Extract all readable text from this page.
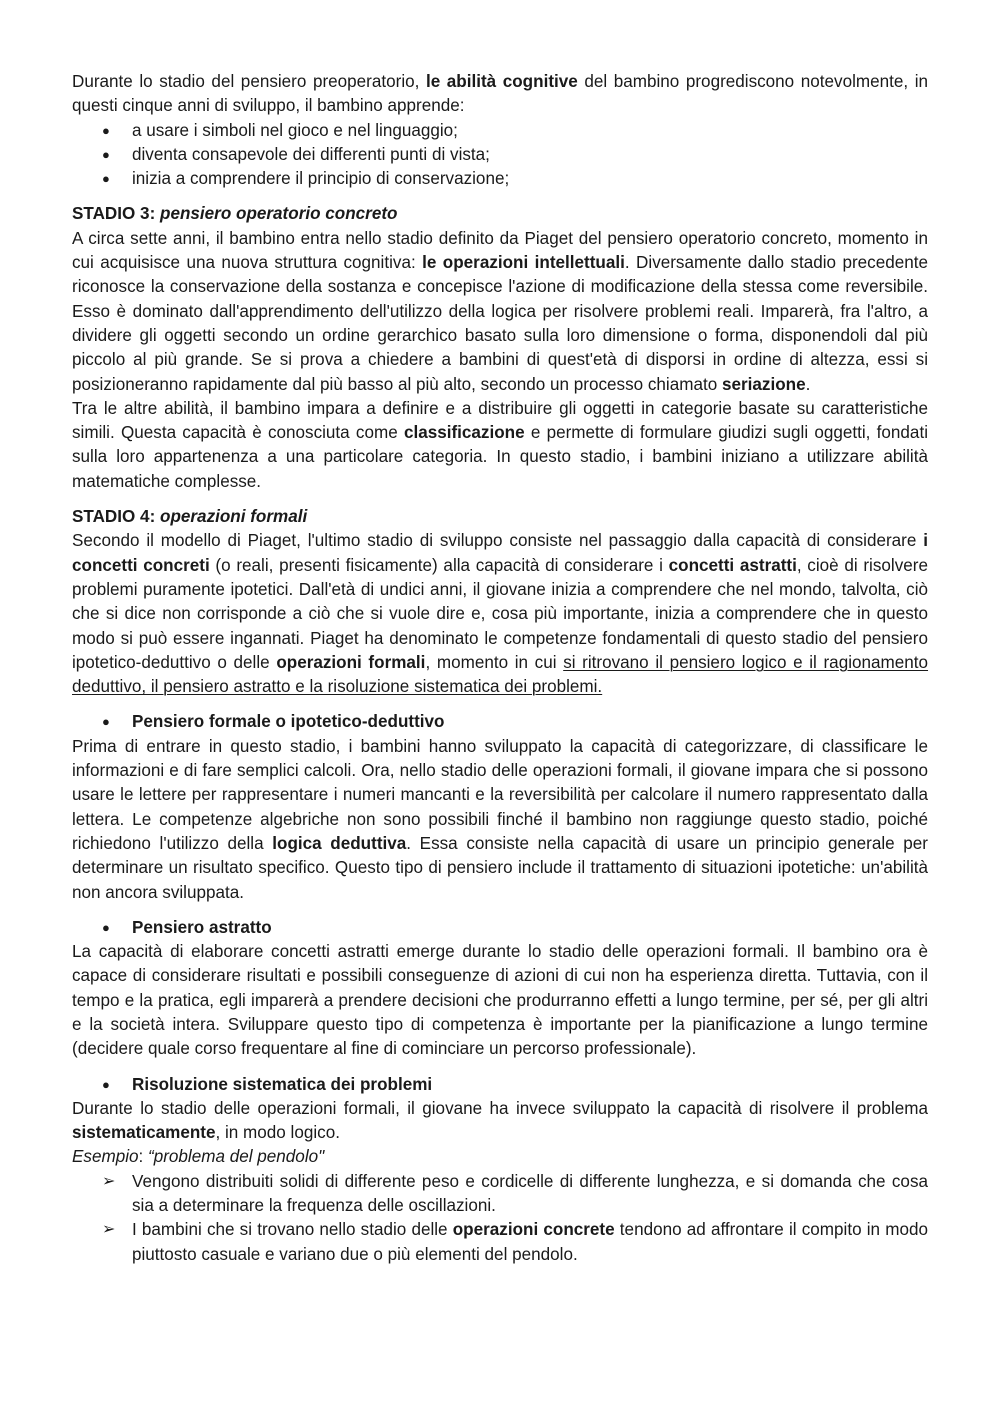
Durante lo stadio del pensiero preoperatorio, le abilità cognitive del bambino progrediscono notevolmente, in questi cinque anni di sviluppo, il bambino apprende:

● a usare i simboli nel gioco e nel linguaggio;
● diventa consapevole dei differenti punti di vista;
● inizia a comprendere il principio di conservazione;

STADIO 3: pensiero operatorio concreto

A circa sette anni, il bambino entra nello stadio definito da Piaget del pensiero operatorio concreto, momento in cui acquisisce una nuova struttura cognitiva: le operazioni intellettuali. Diversamente dallo stadio precedente riconosce la conservazione della sostanza e concepisce l'azione di modificazione della stessa come reversibile. Esso è dominato dall'apprendimento dell'utilizzo della logica per risolvere problemi reali. Imparerà, fra l'altro, a dividere gli oggetti secondo un ordine gerarchico basato sulla loro dimensione o forma, disponendoli dal più piccolo al più grande. Se si prova a chiedere a bambini di quest'età di disporsi in ordine di altezza, essi si posizioneranno rapidamente dal più basso al più alto, secondo un processo chiamato seriazione.

Tra le altre abilità, il bambino impara a definire e a distribuire gli oggetti in categorie basate su caratteristiche simili. Questa capacità è conosciuta come classificazione e permette di formulare giudizi sugli oggetti, fondati sulla loro appartenenza a una particolare categoria. In questo stadio, i bambini iniziano a utilizzare abilità matematiche complesse.

STADIO 4: operazioni formali

Secondo il modello di Piaget, l'ultimo stadio di sviluppo consiste nel passaggio dalla capacità di considerare i concetti concreti (o reali, presenti fisicamente) alla capacità di considerare i concetti astratti, cioè di risolvere problemi puramente ipotetici. Dall'età di undici anni, il giovane inizia a comprendere che nel mondo, talvolta, ciò che si dice non corrisponde a ciò che si vuole dire e, cosa più importante, inizia a comprendere che in questo modo si può essere ingannati. Piaget ha denominato le competenze fondamentali di questo stadio del pensiero ipotetico-deduttivo o delle operazioni formali, momento in cui si ritrovano il pensiero logico e il ragionamento deduttivo, il pensiero astratto e la risoluzione sistematica dei problemi.

● Pensiero formale o ipotetico-deduttivo

Prima di entrare in questo stadio, i bambini hanno sviluppato la capacità di categorizzare, di classificare le informazioni e di fare semplici calcoli. Ora, nello stadio delle operazioni formali, il giovane impara che si possono usare le lettere per rappresentare i numeri mancanti e la reversibilità per calcolare il numero rappresentato dalla lettera. Le competenze algebriche non sono possibili finché il bambino non raggiunge questo stadio, poiché richiedono l'utilizzo della logica deduttiva. Essa consiste nella capacità di usare un principio generale per determinare un risultato specifico. Questo tipo di pensiero include il trattamento di situazioni ipotetiche: un'abilità non ancora sviluppata.

● Pensiero astratto

La capacità di elaborare concetti astratti emerge durante lo stadio delle operazioni formali. Il bambino ora è capace di considerare risultati e possibili conseguenze di azioni di cui non ha esperienza diretta. Tuttavia, con il tempo e la pratica, egli imparerà a prendere decisioni che produrranno effetti a lungo termine, per sé, per gli altri e la società intera. Sviluppare questo tipo di competenza è importante per la pianificazione a lungo termine (decidere quale corso frequentare al fine di cominciare un percorso professionale).

● Risoluzione sistematica dei problemi

Durante lo stadio delle operazioni formali, il giovane ha invece sviluppato la capacità di risolvere il problema sistematicamente, in modo logico.

Esempio: “problema del pendolo"

➢ Vengono distribuiti solidi di differente peso e cordicelle di differente lunghezza, e si domanda che cosa sia a determinare la frequenza delle oscillazioni.
➢ I bambini che si trovano nello stadio delle operazioni concrete tendono ad affrontare il compito in modo piuttosto casuale e variano due o più elementi del pendolo.
